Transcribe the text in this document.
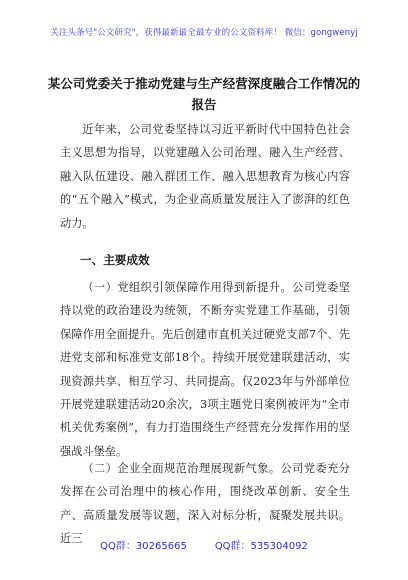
关注头条号"公文研究"，获得最新最全最专业的公文资料库！ 微信：gongwenyj
某公司党委关于推动党建与生产经营深度融合工作情况的
报告
近年来，公司党委坚持以习近平新时代中国特色社会主义思想为指导，以党建融入公司治理、融入生产经营、融入队伍建设、融入群团工作、融入思想教育为核心内容的“五个融入”模式，为企业高质量发展注入了澎湃的红色动力。
一、主要成效
（一）党组织引领保障作用得到新提升。公司党委坚持以党的政治建设为统领，不断夯实党建工作基础，引领保障作用全面提升。先后创建市直机关过硬党支部7个、先进党支部和标准党支部18个。持续开展党建联建活动，实现资源共享、相互学习、共同提高。仅2023年与外部单位开展党建联建活动20余次，3项主题党日案例被评为“全市机关优秀案例”，有力打造围绕生产经营充分发挥作用的坚强战斗堡垒。
（二）企业全面规范治理展现新气象。公司党委充分发挥在公司治理中的核心作用，围绕改革创新、安全生产、高质量发展等议题，深入对标分析，凝聚发展共识。近三
QQ群：30265665	QQ群：535304092
